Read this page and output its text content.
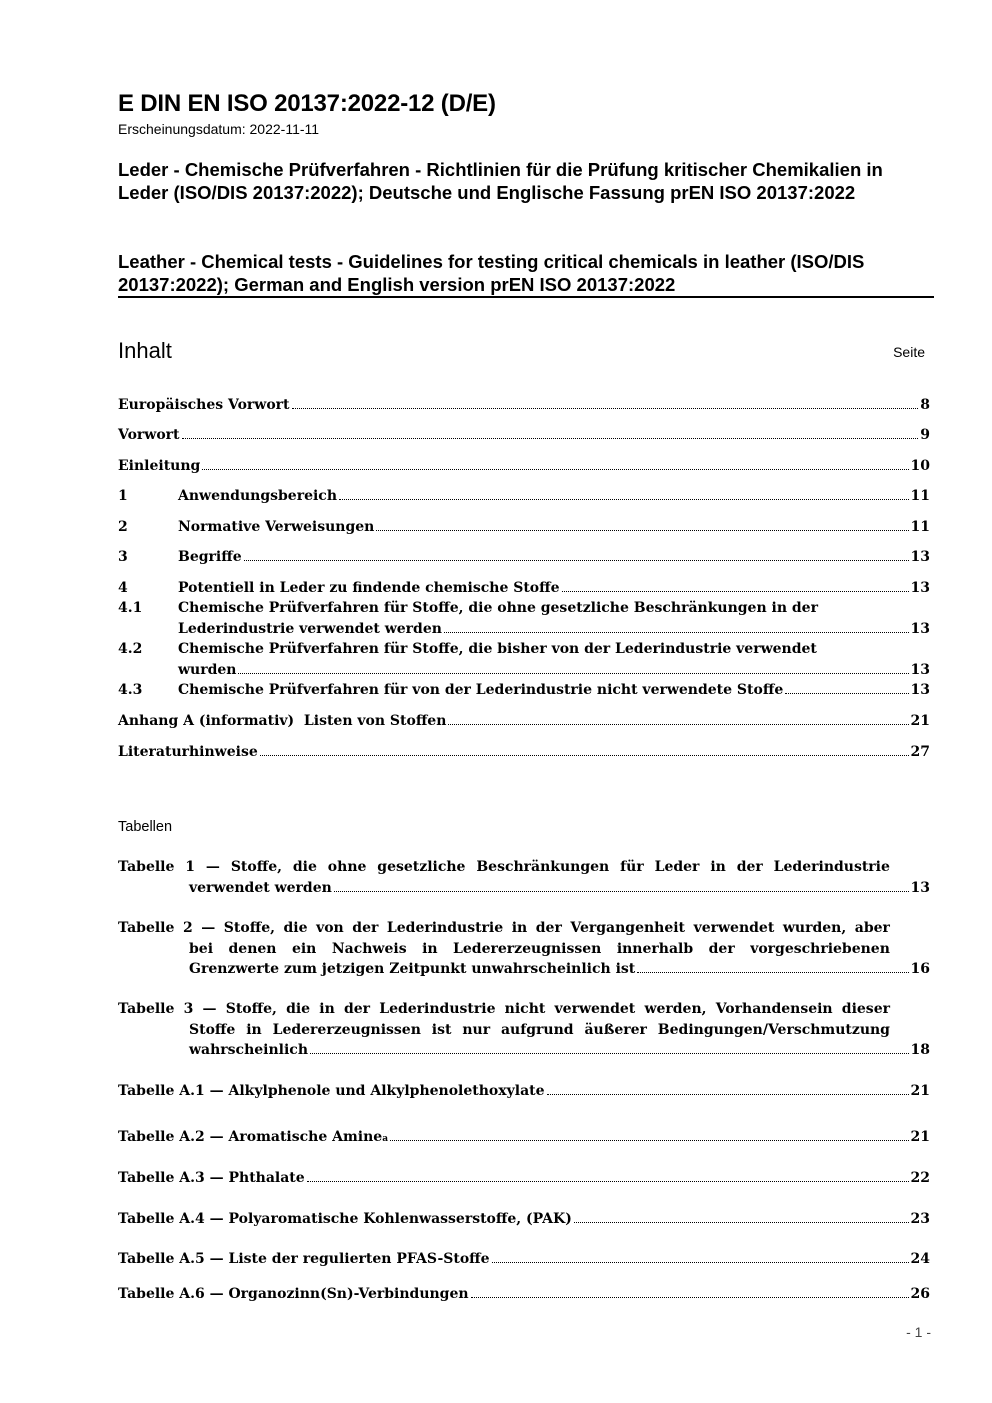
E DIN EN ISO 20137:2022-12 (D/E)
Erscheinungsdatum: 2022-11-11
Leder - Chemische Prüfverfahren - Richtlinien für die Prüfung kritischer Chemikalien in Leder (ISO/DIS 20137:2022); Deutsche und Englische Fassung prEN ISO 20137:2022
Leather - Chemical tests - Guidelines for testing critical chemicals in leather (ISO/DIS 20137:2022); German and English version prEN ISO 20137:2022
Inhalt	Seite
Europäisches Vorwort	8
Vorwort	9
Einleitung	10
1	Anwendungsbereich	11
2	Normative Verweisungen	11
3	Begriffe	13
4	Potentiell in Leder zu findende chemische Stoffe	13
4.1	Chemische Prüfverfahren für Stoffe, die ohne gesetzliche Beschränkungen in der
Lederindustrie verwendet werden	13
4.2	Chemische Prüfverfahren für Stoffe, die bisher von der Lederindustrie verwendet
wurden	13
4.3	Chemische Prüfverfahren für von der Lederindustrie nicht verwendete Stoffe	13
Anhang A (informativ)  Listen von Stoffen	21
Literaturhinweise	27
Tabellen
Tabelle 1 — Stoffe, die ohne gesetzliche Beschränkungen für Leder in der Lederindustrie
verwendet werden	13
Tabelle 2 — Stoffe, die von der Lederindustrie in der Vergangenheit verwendet wurden, aber
bei denen ein Nachweis in Ledererzeugnissen innerhalb der vorgeschriebenen
Grenzwerte zum jetzigen Zeitpunkt unwahrscheinlich ist	16
Tabelle 3 — Stoffe, die in der Lederindustrie nicht verwendet werden, Vorhandensein dieser
Stoffe in Ledererzeugnissen ist nur aufgrund äußerer Bedingungen/Verschmutzung
wahrscheinlich	18
Tabelle A.1 — Alkylphenole und Alkylphenolethoxylate	21
Tabelle A.2 — Aromatische Amine a	21
Tabelle A.3 — Phthalate	22
Tabelle A.4 — Polyaromatische Kohlenwasserstoffe, (PAK)	23
Tabelle A.5 — Liste der regulierten PFAS-Stoffe	24
Tabelle A.6 — Organozinn(Sn)-Verbindungen	26
- 1 -
